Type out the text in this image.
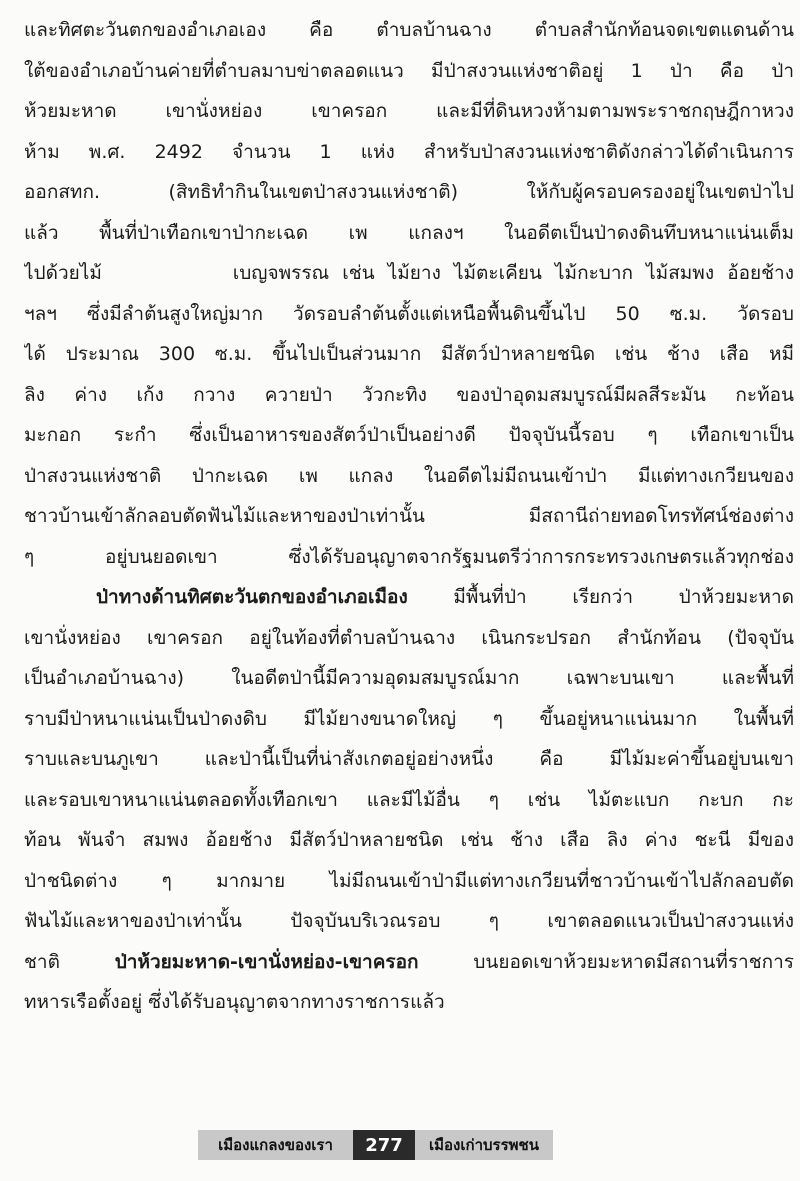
และทิศตะวันตกของอำเภอเอง คือ ตำบลบ้านฉาง ตำบลสำนักท้อนจดเขตแดนด้าน
ใต้ของอำเภอบ้านค่ายที่ตำบลมาบข่าตลอดแนว มีป่าสงวนแห่งชาติอยู่ 1 ป่า คือ ป่า
ห้วยมะหาด เขานั่งหย่อง เขาครอก และมีที่ดินหวงห้ามตามพระราชกฤษฎีกาหวง
ห้าม พ.ศ. 2492 จำนวน 1 แห่ง สำหรับป่าสงวนแห่งชาติดังกล่าวได้ดำเนินการ
ออกสทก. (สิทธิทำกินในเขตป่าสงวนแห่งชาติ) ให้กับผู้ครอบครองอยู่ในเขตป่าไป
แล้ว พื้นที่ป่าเทือกเขาป่ากะเฉด เพ แกลงฯ ในอดีตเป็นป่าดงดินทึบหนาแน่นเต็ม
ไปด้วยไม้          เบญจพรรณ เช่น ไม้ยาง ไม้ตะเคียน ไม้กะบาก ไม้สมพง อ้อยช้าง
ฯลฯ ซึ่งมีลำต้นสูงใหญ่มาก วัดรอบลำต้นตั้งแต่เหนือพื้นดินขึ้นไป 50 ซ.ม. วัดรอบ
ได้ ประมาณ 300 ซ.ม. ขึ้นไปเป็นส่วนมาก มีสัตว์ป่าหลายชนิด เช่น ช้าง เสือ หมี
ลิง ค่าง เก้ง กวาง ควายป่า วัวกะทิง ของป่าอุดมสมบูรณ์มีผลสีระมัน กะท้อน
มะกอก ระกำ ซึ่งเป็นอาหารของสัตว์ป่าเป็นอย่างดี ปัจจุบันนี้รอบ ๆ เทือกเขาเป็น
ป่าสงวนแห่งชาติ ป่ากะเฉด เพ แกลง ในอดีตไม่มีถนนเข้าป่า มีแต่ทางเกวียนของ
ชาวบ้านเข้าลักลอบตัดฟันไม้และหาของป่าเท่านั้น มีสถานีถ่ายทอดโทรทัศน์ช่องต่าง
ๆ อยู่บนยอดเขา ซึ่งได้รับอนุญาตจากรัฐมนตรีว่าการกระทรวงเกษตรแล้วทุกช่อง
ป่าทางด้านทิศตะวันตกของอำเภอเมือง มีพื้นที่ป่า เรียกว่า ป่าห้วยมะหาด
เขานั่งหย่อง เขาครอก อยู่ในท้องที่ตำบลบ้านฉาง เนินกระปรอก สำนักท้อน (ปัจจุบัน
เป็นอำเภอบ้านฉาง) ในอดีตป่านี้มีความอุดมสมบูรณ์มาก เฉพาะบนเขา และพื้นที่
ราบมีป่าหนาแน่นเป็นป่าดงดิบ มีไม้ยางขนาดใหญ่ ๆ ขึ้นอยู่หนาแน่นมาก ในพื้นที่
ราบและบนภูเขา และป่านี้เป็นที่น่าสังเกตอยู่อย่างหนึ่ง คือ มีไม้มะค่าขึ้นอยู่บนเขา
และรอบเขาหนาแน่นตลอดทั้งเทือกเขา และมีไม้อื่น ๆ เช่น ไม้ตะแบก กะบก กะ
ท้อน พันจำ สมพง อ้อยช้าง มีสัตว์ป่าหลายชนิด เช่น ช้าง เสือ ลิง ค่าง ชะนี มีของ
ป่าชนิดต่าง ๆ มากมาย ไม่มีถนนเข้าป่ามีแต่ทางเกวียนที่ชาวบ้านเข้าไปลักลอบตัด
ฟันไม้และหาของป่าเท่านั้น ปัจจุบันบริเวณรอบ ๆ เขาตลอดแนวเป็นป่าสงวนแห่ง
ชาติ ป่าห้วยมะหาด-เขานั่งหย่อง-เขาครอก บนยอดเขาห้วยมะหาดมีสถานที่ราชการ
ทหารเรือตั้งอยู่ ซึ่งได้รับอนุญาตจากทางราชการแล้ว
เมืองแกลงของเรา	277	เมืองเก่าบรรพชน
